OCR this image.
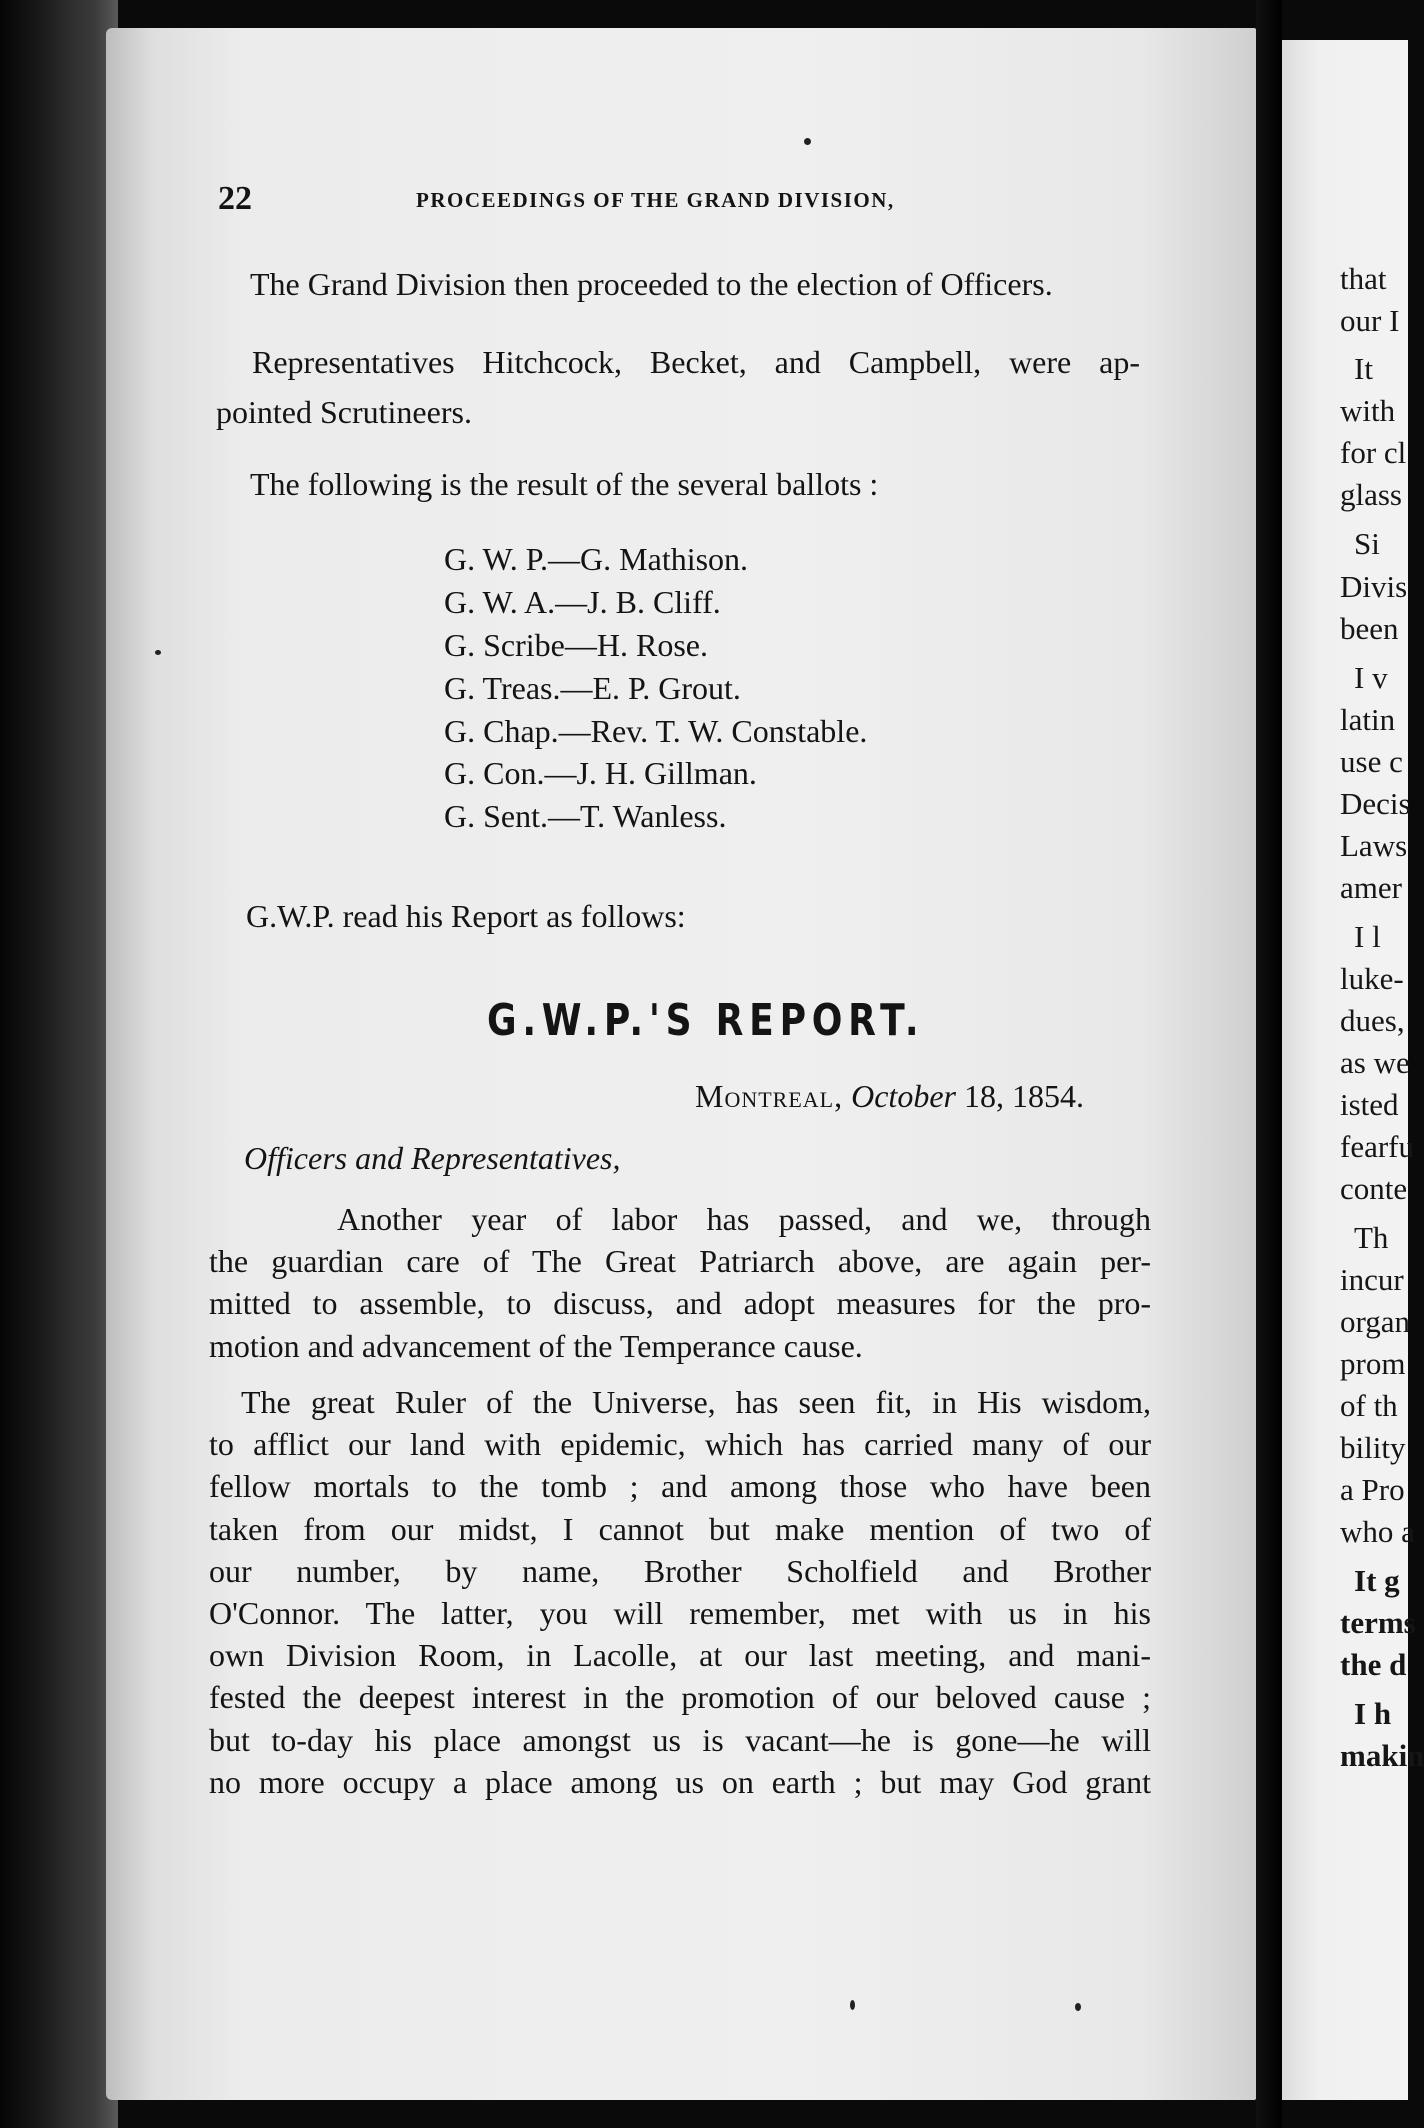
that
our I
It
with
for cl
glass
Si
Divis
been
I v
latin
use c
Decis
Laws
amer
I l
luke-
dues,
as we
isted
fearfu
conte
Th
incur
organ
prom
of th
bility
a Pro
who a
It g
terms
the d
I h
makin
22	PROCEEDINGS OF THE GRAND DIVISION,
The Grand Division then proceeded to the election of Officers.
Representatives Hitchcock, Becket, and Campbell, were ap-
pointed Scrutineers.
The following is the result of the several ballots :
G. W. P.—G. Mathison.
G. W. A.—J. B. Cliff.
G. Scribe—H. Rose.
G. Treas.—E. P. Grout.
G. Chap.—Rev. T. W. Constable.
G. Con.—J. H. Gillman.
G. Sent.—T. Wanless.
G.W.P. read his Report as follows:
G.W.P.'S REPORT.
Montreal, October 18, 1854.
Officers and Representatives,
Another year of labor has passed, and we, through
the guardian care of The Great Patriarch above, are again per-
mitted to assemble, to discuss, and adopt measures for the pro-
motion and advancement of the Temperance cause.
The great Ruler of the Universe, has seen fit, in His wisdom,
to afflict our land with epidemic, which has carried many of our
fellow mortals to the tomb ; and among those who have been
taken from our midst, I cannot but make mention of two of
our number, by name, Brother Scholfield and Brother
O'Connor. The latter, you will remember, met with us in his
own Division Room, in Lacolle, at our last meeting, and mani-
fested the deepest interest in the promotion of our beloved cause ;
but to-day his place amongst us is vacant—he is gone—he will
no more occupy a place among us on earth ; but may God grant
